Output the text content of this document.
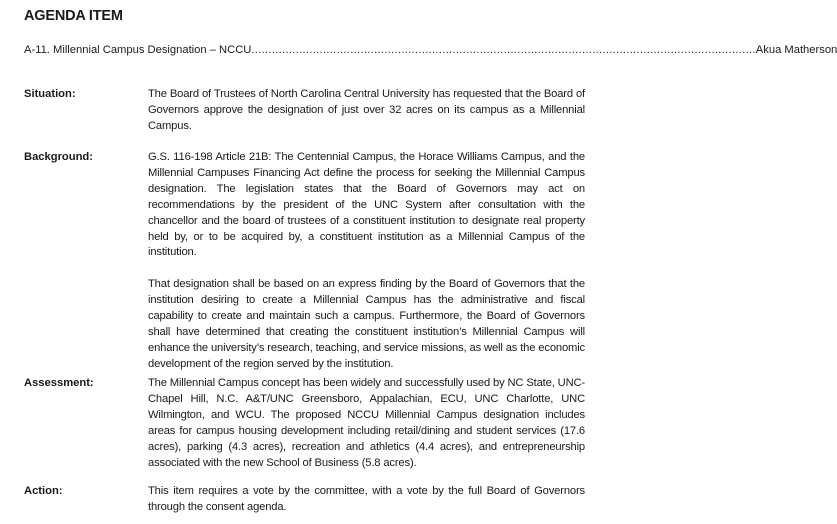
AGENDA ITEM
A-11. Millennial Campus Designation – NCCU .................................................................................................................................................... Akua Matherson
Situation:	The Board of Trustees of North Carolina Central University has requested that the Board of Governors approve the designation of just over 32 acres on its campus as a Millennial Campus.

Background:	G.S. 116-198 Article 21B: The Centennial Campus, the Horace Williams Campus, and the Millennial Campuses Financing Act define the process for seeking the Millennial Campus designation. The legislation states that the Board of Governors may act on recommendations by the president of the UNC System after consultation with the chancellor and the board of trustees of a constituent institution to designate real property held by, or to be acquired by, a constituent institution as a Millennial Campus of the institution.

That designation shall be based on an express finding by the Board of Governors that the institution desiring to create a Millennial Campus has the administrative and fiscal capability to create and maintain such a campus. Furthermore, the Board of Governors shall have determined that creating the constituent institution’s Millennial Campus will enhance the university’s research, teaching, and service missions, as well as the economic development of the region served by the institution.

Assessment:	The Millennial Campus concept has been widely and successfully used by NC State, UNC-Chapel Hill, N.C. A&T/UNC Greensboro, Appalachian, ECU, UNC Charlotte, UNC Wilmington, and WCU. The proposed NCCU Millennial Campus designation includes areas for campus housing development including retail/dining and student services (17.6 acres), parking (4.3 acres), recreation and athletics (4.4 acres), and entrepreneurship associated with the new School of Business (5.8 acres).

Action:	This item requires a vote by the committee, with a vote by the full Board of Governors through the consent agenda.
